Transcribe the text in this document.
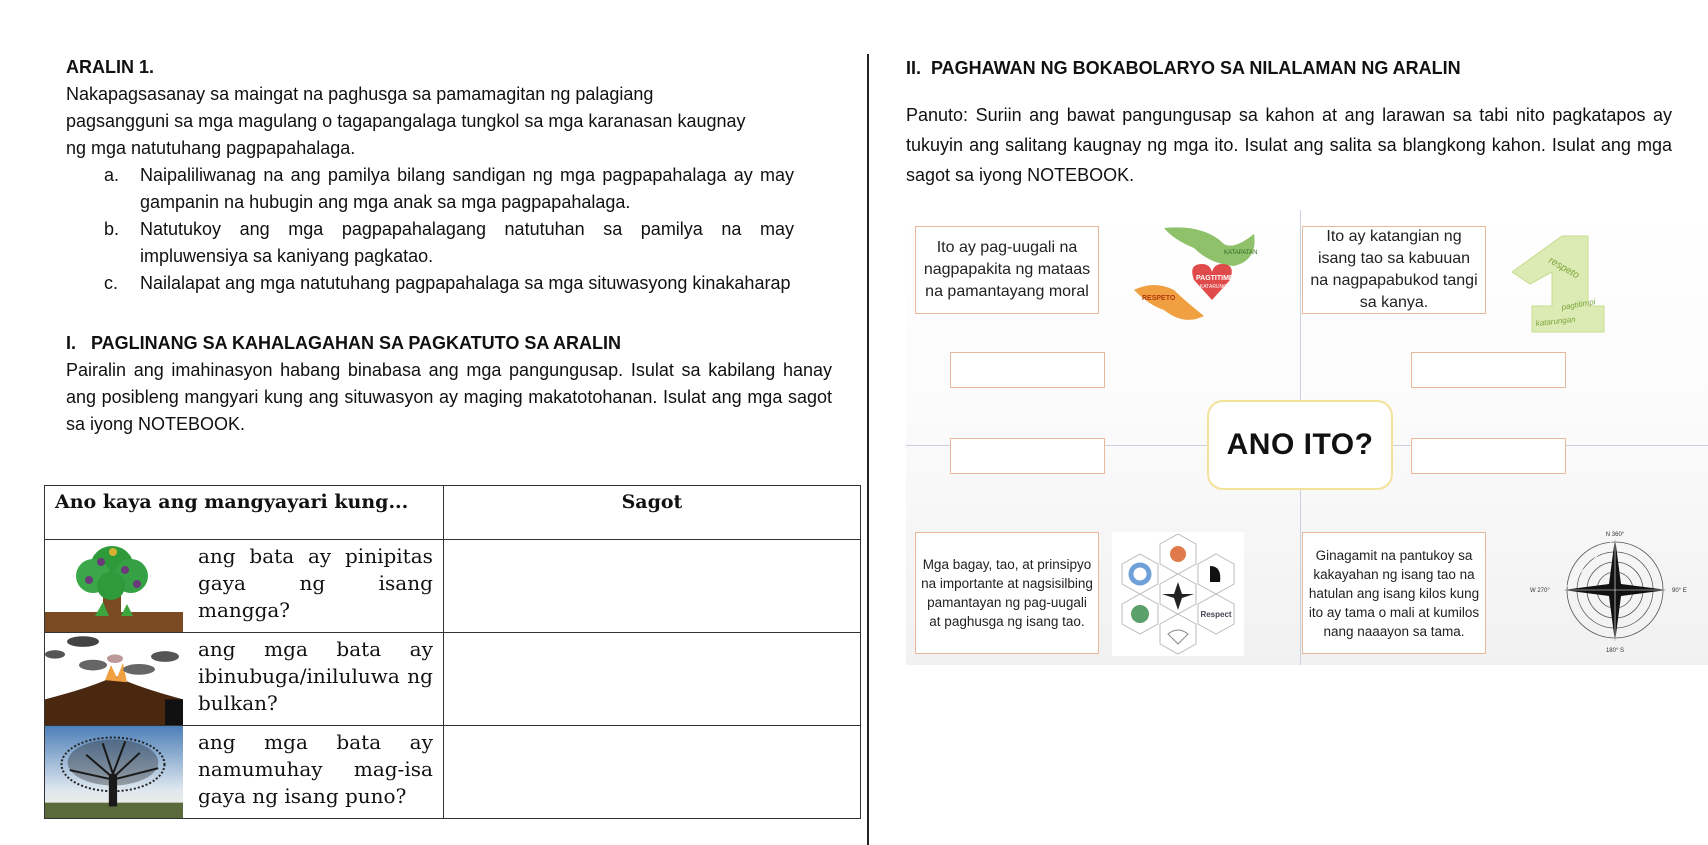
ARALIN 1.
Nakapagsasanay sa maingat na paghusga sa pamamagitan ng palagiang pagsangguni sa mga magulang o tagapangalaga tungkol sa mga karanasan kaugnay ng mga natutuhang pagpapahalaga.
a.	Naipaliliwanag na ang pamilya bilang sandigan ng mga pagpapahalaga ay may gampanin na hubugin ang mga anak sa mga pagpapahalaga.
b.	Natutukoy ang mga pagpapahalagang natutuhan sa pamilya na may impluwensiya sa kaniyang pagkatao.
c.	Nailalapat ang mga natutuhang pagpapahalaga sa mga situwasyong kinakaharap
I.   PAGLINANG SA KAHALAGAHAN SA PAGKATUTO SA ARALIN
Pairalin ang imahinasyon habang binabasa ang mga pangungusap. Isulat sa kabilang hanay ang posibleng mangyari kung ang situwasyon ay maging makatotohanan. Isulat ang mga sagot sa iyong NOTEBOOK.
Ano kaya ang mangyayari kung...	Sagot

ang bata ay pinipitas gaya ng isang mangga?	

ang mga bata ay ibinubuga/iniluluwa ng bulkan?	

ang mga bata ay namumuhay mag-isa gaya ng isang puno?	

II.  PAGHAWAN NG BOKABOLARYO SA NILALAMAN NG ARALIN
Panuto: Suriin ang bawat pangungusap sa kahon at ang larawan sa tabi nito pagkatapos ay tukuyin ang salitang kaugnay ng mga ito. Isulat ang salita sa blangkong kahon. Isulat ang mga sagot sa iyong NOTEBOOK.
Ito ay pag-uugali na nagpapakita ng mataas na pamantayang moral
KATAPATAN
PAGTITIMPI
KATARUNGAN
RESPETO
Ito ay katangian ng isang tao sa kabuuan na nagpapabukod tangi sa kanya.
respeto
pagtitimpi
katarungan
ANO ITO?
Mga bagay, tao, at prinsipyo na importante at nagsisilbing pamantayan ng pag-uugali at paghusga ng isang tao.	Respect
Ginagamit na pantukoy sa kakayahan ng isang tao na hatulan ang isang kilos kung ito ay tama o mali at kumilos nang naaayon sa tama.
N 360°
90° E
180° S
W 270°
